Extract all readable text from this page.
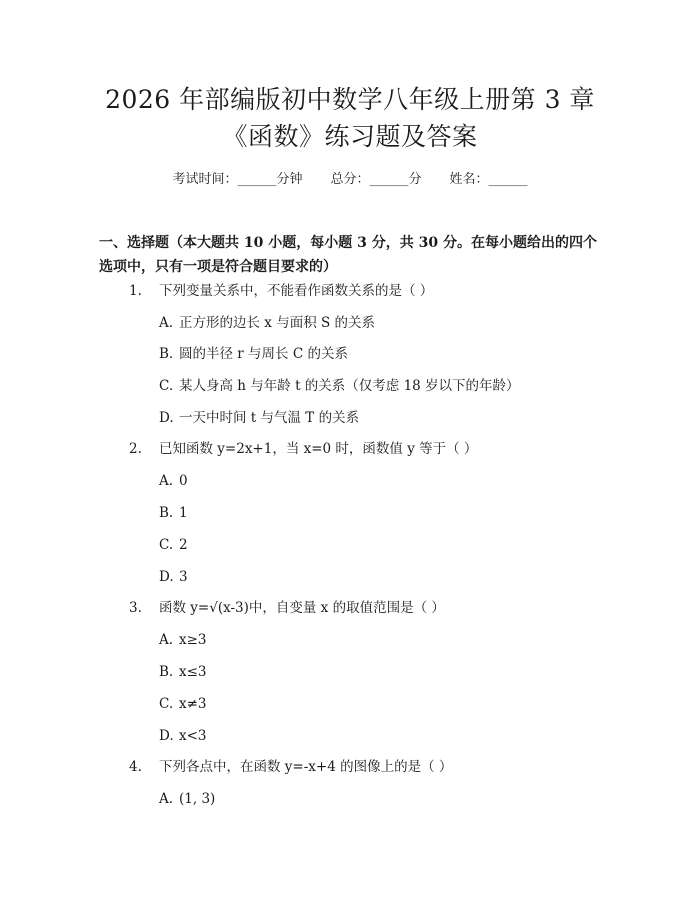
2026 年部编版初中数学八年级上册第 3 章
《函数》练习题及答案
考试时间：______分钟 总分：______分 姓名：______
一、选择题（本大题共 10 小题，每小题 3 分，共 30 分。在每小题给出的四个选项中，只有一项是符合题目要求的）
1. 下列变量关系中，不能看作函数关系的是（ ）
A. 正方形的边长 x 与面积 S 的关系
B. 圆的半径 r 与周长 C 的关系
C. 某人身高 h 与年龄 t 的关系（仅考虑 18 岁以下的年龄）
D. 一天中时间 t 与气温 T 的关系
2. 已知函数 y=2x+1，当 x=0 时，函数值 y 等于（ ）
A. 0
B. 1
C. 2
D. 3
3. 函数 y=√(x-3)中，自变量 x 的取值范围是（ ）
A. x≥3
B. x≤3
C. x≠3
D. x<3
4. 下列各点中，在函数 y=-x+4 的图像上的是（ ）
A. (1, 3)
